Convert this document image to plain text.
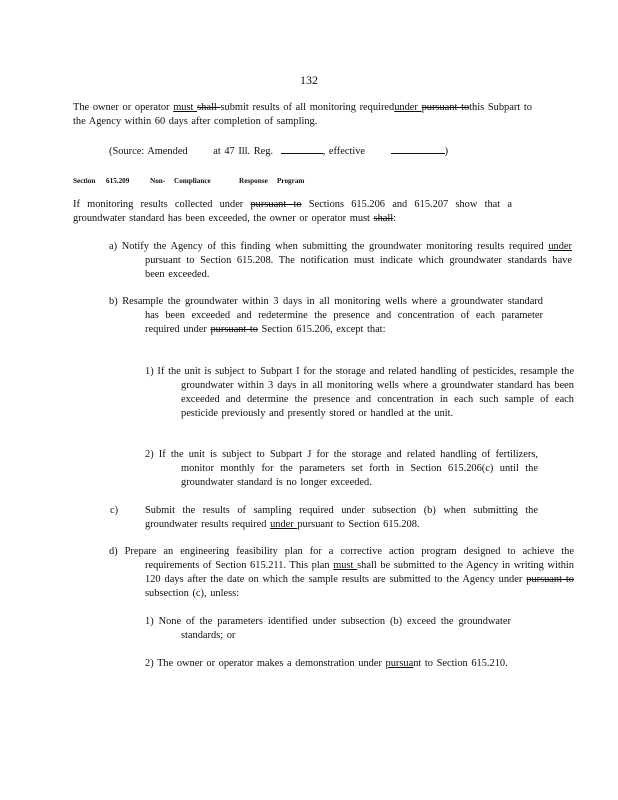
132

The owner or operator must shall submit results of all monitoring requiredunder pursuant tothis Subpart to the Agency within 60 days after completion of sampling.

(Source: Amended at 47 Ill. Reg.	, effective	)
Section 615.209	Non- Compliance	Response Program

If monitoring results collected under pursuant to Sections 615.206 and 615.207 show that a groundwater standard has been exceeded, the owner or operator must shall:

a) Notify the Agency of this finding when submitting the groundwater monitoring results required under pursuant to Section 615.208. The notification must indicate which groundwater standards have been exceeded.

b) Resample the groundwater within 3 days in all monitoring wells where a groundwater standard has been exceeded and redetermine the presence and concentration of each parameter required under pursuant to Section 615.206, except that:

1) If the unit is subject to Subpart I for the storage and related handling of pesticides, resample the groundwater within 3 days in all monitoring wells where a groundwater standard has been exceeded and determine the presence and concentration in each such sample of each pesticide previously and presently stored or handled at the unit.

2) If the unit is subject to Subpart J for the storage and related handling of fertilizers, monitor monthly for the parameters set forth in Section 615.206(c) until the groundwater standard is no longer exceeded.

c)	Submit the results of sampling required under subsection (b) when submitting the groundwater results required under pursuant to Section 615.208.

d) Prepare an engineering feasibility plan for a corrective action program designed to achieve the requirements of Section 615.211. This plan must shall be submitted to the Agency in writing within 120 days after the date on which the sample results are submitted to the Agency under pursuant to subsection (c), unless:

1) None of the parameters identified under subsection (b) exceed the groundwater standards; or

2) The owner or operator makes a demonstration under pursuant to Section 615.210.
